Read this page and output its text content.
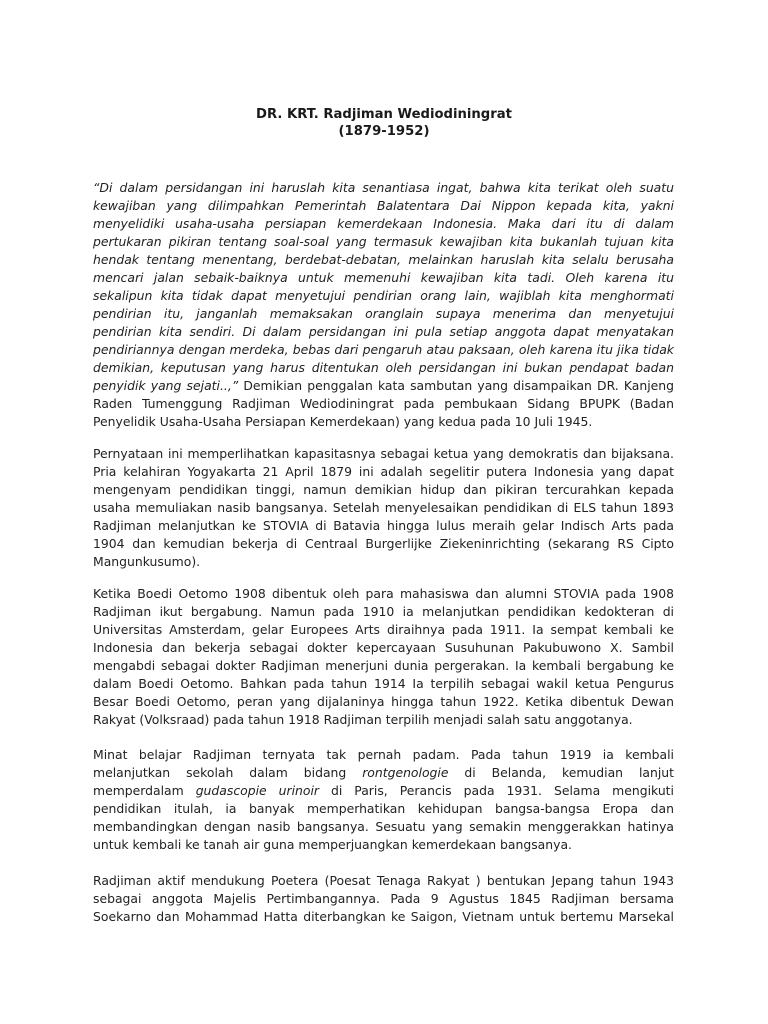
DR. KRT. Radjiman Wediodiningrat
(1879-1952)
“Di dalam persidangan ini haruslah kita senantiasa ingat, bahwa kita terikat oleh suatu
kewajiban yang dilimpahkan Pemerintah Balatentara Dai Nippon kepada kita, yakni
menyelidiki usaha-usaha persiapan kemerdekaan Indonesia. Maka dari itu di dalam
pertukaran pikiran tentang soal-soal yang termasuk kewajiban kita bukanlah tujuan kita
hendak tentang menentang, berdebat-debatan, melainkan haruslah kita selalu berusaha
mencari jalan sebaik-baiknya untuk memenuhi kewajiban kita tadi. Oleh karena itu
sekalipun kita tidak dapat menyetujui pendirian orang lain, wajiblah kita menghormati
pendirian itu, janganlah memaksakan oranglain supaya menerima dan menyetujui
pendirian kita sendiri. Di dalam persidangan ini pula setiap anggota dapat menyatakan
pendiriannya dengan merdeka, bebas dari pengaruh atau paksaan, oleh karena itu jika tidak
demikian, keputusan yang harus ditentukan oleh persidangan ini bukan pendapat badan
penyidik yang sejati..,” Demikian penggalan kata sambutan yang disampaikan DR. Kanjeng
Raden Tumenggung Radjiman Wediodiningrat pada pembukaan Sidang BPUPK (Badan
Penyelidik Usaha-Usaha Persiapan Kemerdekaan) yang kedua pada 10 Juli 1945.
Pernyataan ini memperlihatkan kapasitasnya sebagai ketua yang demokratis dan bijaksana.
Pria kelahiran Yogyakarta 21 April 1879 ini adalah segelitir putera Indonesia yang dapat
mengenyam pendidikan tinggi, namun demikian hidup dan pikiran tercurahkan kepada
usaha memuliakan nasib bangsanya. Setelah menyelesaikan pendidikan di ELS tahun 1893
Radjiman melanjutkan ke STOVIA di Batavia hingga lulus meraih gelar Indisch Arts pada
1904 dan kemudian bekerja di Centraal Burgerlijke Ziekeninrichting (sekarang RS Cipto
Mangunkusumo).
Ketika Boedi Oetomo 1908 dibentuk oleh para mahasiswa dan alumni STOVIA pada 1908
Radjiman ikut bergabung. Namun pada 1910 ia melanjutkan pendidikan kedokteran di
Universitas Amsterdam, gelar Europees Arts diraihnya pada 1911. Ia sempat kembali ke
Indonesia dan bekerja sebagai dokter kepercayaan Susuhunan Pakubuwono X. Sambil
mengabdi sebagai dokter Radjiman menerjuni dunia pergerakan. Ia kembali bergabung ke
dalam Boedi Oetomo. Bahkan pada tahun 1914 Ia terpilih sebagai wakil ketua Pengurus
Besar Boedi Oetomo, peran yang dijalaninya hingga tahun 1922. Ketika dibentuk Dewan
Rakyat (Volksraad) pada tahun 1918 Radjiman terpilih menjadi salah satu anggotanya.
Minat belajar Radjiman ternyata tak pernah padam. Pada tahun 1919 ia kembali
melanjutkan sekolah dalam bidang rontgenologie di Belanda, kemudian lanjut
memperdalam gudascopie urinoir di Paris, Perancis pada 1931. Selama mengikuti
pendidikan itulah, ia banyak memperhatikan kehidupan bangsa-bangsa Eropa dan
membandingkan dengan nasib bangsanya. Sesuatu yang semakin menggerakkan hatinya
untuk kembali ke tanah air guna memperjuangkan kemerdekaan bangsanya.
Radjiman aktif mendukung Poetera (Poesat Tenaga Rakyat ) bentukan Jepang tahun 1943
sebagai anggota Majelis Pertimbangannya. Pada 9 Agustus 1845 Radjiman bersama
Soekarno dan Mohammad Hatta diterbangkan ke Saigon, Vietnam untuk bertemu Marsekal
